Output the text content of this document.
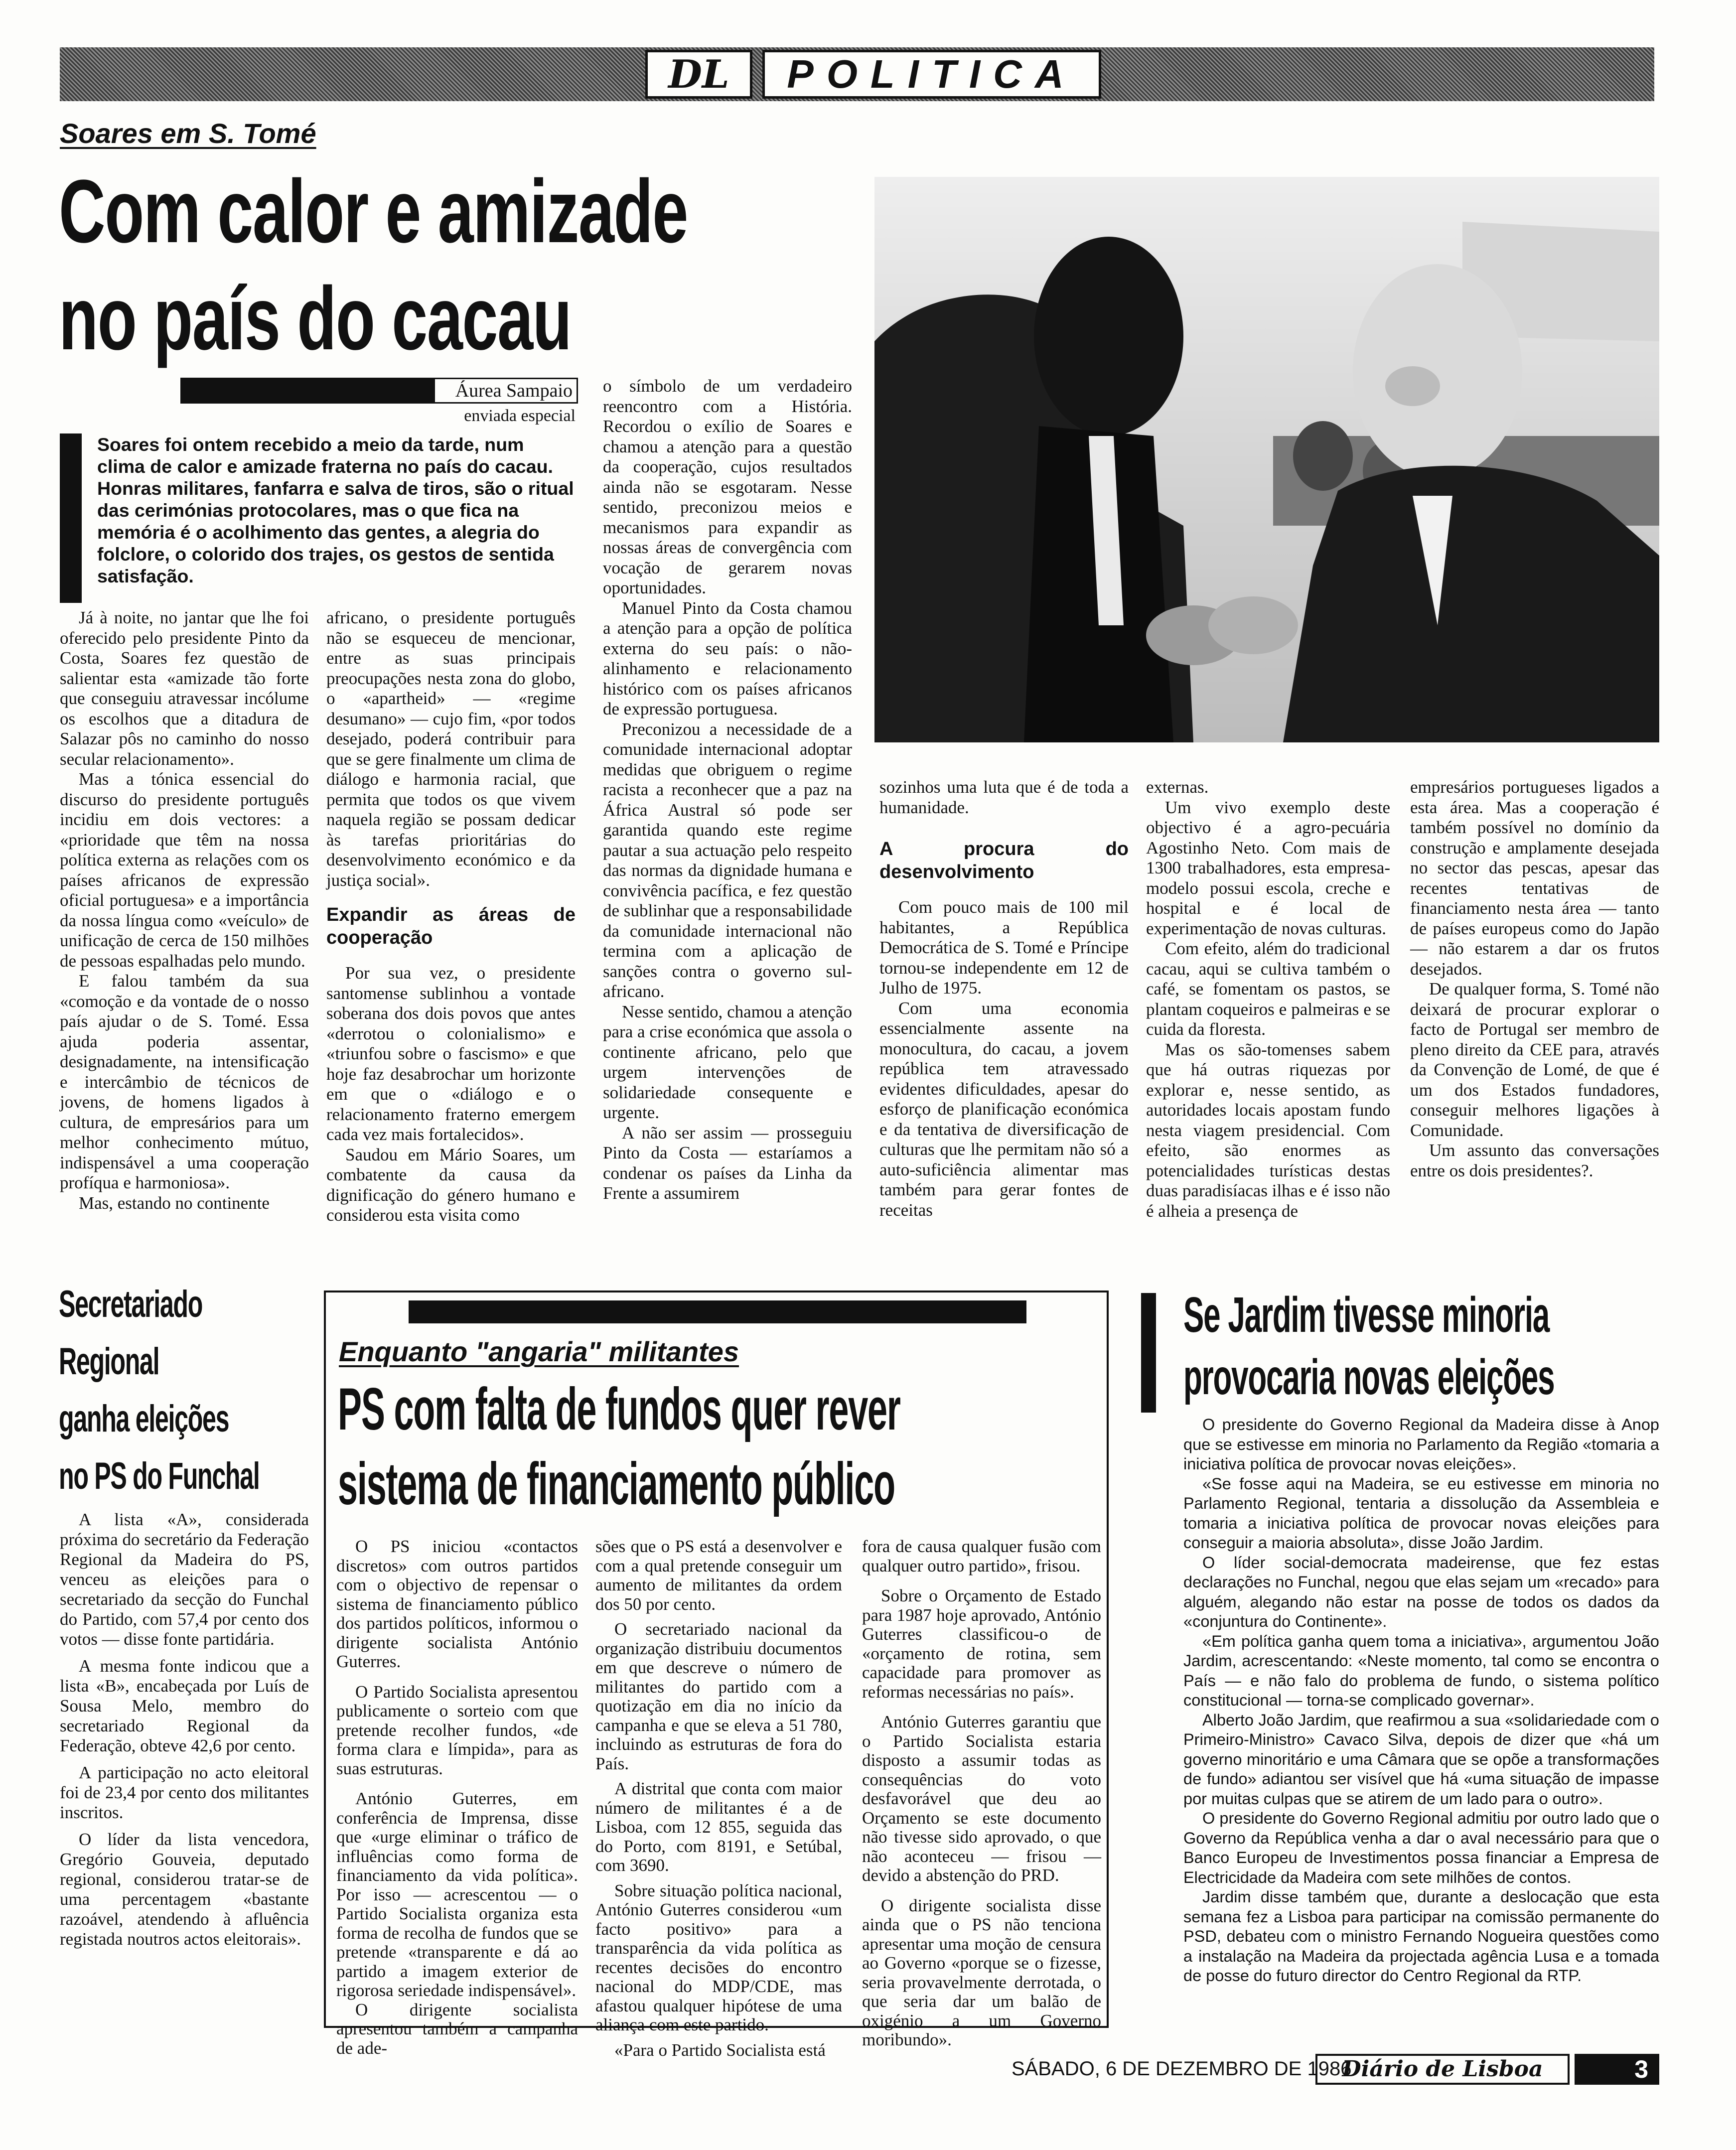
DL POLITICA
Soares em S. Tomé
Com calor e amizade
no país do cacau
Áurea Sampaio
enviada especial
Soares foi ontem recebido a meio da tarde, num clima de calor e amizade fraterna no país do cacau. Honras militares, fanfarra e salva de tiros, são o ritual das cerimónias protocolares, mas o que fica na memória é o acolhimento das gentes, a alegria do folclore, o colorido dos trajes, os gestos de sentida satisfação.

Já à noite, no jantar que lhe foi oferecido pelo presidente Pinto da Costa, Soares fez questão de salientar esta «amizade tão forte que conseguiu atravessar incólume os escolhos que a ditadura de Salazar pôs no caminho do nosso secular relacionamento».

Mas a tónica essencial do discurso do presidente português incidiu em dois vectores: a «prioridade que têm na nossa política externa as relações com os países africanos de expressão oficial portuguesa» e a importância da nossa língua como «veículo» de unificação de cerca de 150 milhões de pessoas espalhadas pelo mundo.

E falou também da sua «comoção e da vontade de o nosso país ajudar o de S. Tomé. Essa ajuda poderia assentar, designadamente, na intensificação e intercâmbio de técnicos de jovens, de homens ligados à cultura, de empresários para um melhor conhecimento mútuo, indispensável a uma cooperação profíqua e harmoniosa».

Mas, estando no continente

africano, o presidente português não se esqueceu de mencionar, entre as suas principais preocupações nesta zona do globo, o «apartheid» — «regime desumano» — cujo fim, «por todos desejado, poderá contribuir para que se gere finalmente um clima de diálogo e harmonia racial, que permita que todos os que vivem naquela região se possam dedicar às tarefas prioritárias do desenvolvimento económico e da justiça social».

Expandir as áreas de cooperação

Por sua vez, o presidente santomense sublinhou a vontade soberana dos dois povos que antes «derrotou o colonialismo» e «triunfou sobre o fascismo» e que hoje faz desabrochar um horizonte em que o «diálogo e o relacionamento fraterno emergem cada vez mais fortalecidos».

Saudou em Mário Soares, um combatente da causa da dignificação do género humano e considerou esta visita como

o símbolo de um verdadeiro reencontro com a História. Recordou o exílio de Soares e chamou a atenção para a questão da cooperação, cujos resultados ainda não se esgotaram. Nesse sentido, preconizou meios e mecanismos para expandir as nossas áreas de convergência com vocação de gerarem novas oportunidades.

Manuel Pinto da Costa chamou a atenção para a opção de política externa do seu país: o não-alinhamento e relacionamento histórico com os países africanos de expressão portuguesa.

Preconizou a necessidade de a comunidade internacional adoptar medidas que obriguem o regime racista a reconhecer que a paz na África Austral só pode ser garantida quando este regime pautar a sua actuação pelo respeito das normas da dignidade humana e convivência pacífica, e fez questão de sublinhar que a responsabilidade da comunidade internacional não termina com a aplicação de sanções contra o governo sul-africano.

Nesse sentido, chamou a atenção para a crise económica que assola o continente africano, pelo que urgem intervenções de solidariedade consequente e urgente.

A não ser assim — prosseguiu Pinto da Costa — estaríamos a condenar os países da Linha da Frente a assumirem

sozinhos uma luta que é de toda a humanidade.

A procura do desenvolvimento

Com pouco mais de 100 mil habitantes, a República Democrática de S. Tomé e Príncipe tornou-se independente em 12 de Julho de 1975.

Com uma economia essencialmente assente na monocultura, do cacau, a jovem república tem atravessado evidentes dificuldades, apesar do esforço de planificação económica e da tentativa de diversificação de culturas que lhe permitam não só a auto-suficiência alimentar mas também para gerar fontes de receitas

externas.

Um vivo exemplo deste objectivo é a agro-pecuária Agostinho Neto. Com mais de 1300 trabalhadores, esta empresa-modelo possui escola, creche e hospital e é local de experimentação de novas culturas.

Com efeito, além do tradicional cacau, aqui se cultiva também o café, se fomentam os pastos, se plantam coqueiros e palmeiras e se cuida da floresta.

Mas os são-tomenses sabem que há outras riquezas por explorar e, nesse sentido, as autoridades locais apostam fundo nesta viagem presidencial. Com efeito, são enormes as potencialidades turísticas destas duas paradisíacas ilhas e é isso não é alheia a presença de

empresários portugueses ligados a esta área. Mas a cooperação é também possível no domínio da construção e amplamente desejada no sector das pescas, apesar das recentes tentativas de financiamento nesta área — tanto de países europeus como do Japão — não estarem a dar os frutos desejados.

De qualquer forma, S. Tomé não deixará de procurar explorar o facto de Portugal ser membro de pleno direito da CEE para, através da Convenção de Lomé, de que é um dos Estados fundadores, conseguir melhores ligações à Comunidade.

Um assunto das conversações entre os dois presidentes?.

Secretariado
Regional
ganha eleições
no PS do Funchal

A lista «A», considerada próxima do secretário da Federação Regional da Madeira do PS, venceu as eleições para o secretariado da secção do Funchal do Partido, com 57,4 por cento dos votos — disse fonte partidária.

A mesma fonte indicou que a lista «B», encabeçada por Luís de Sousa Melo, membro do secretariado Regional da Federação, obteve 42,6 por cento.

A participação no acto eleitoral foi de 23,4 por cento dos militantes inscritos.

O líder da lista vencedora, Gregório Gouveia, deputado regional, considerou tratar-se de uma percentagem «bastante razoável, atendendo à afluência registada noutros actos eleitorais».

Enquanto "angaria" militantes
PS com falta de fundos quer rever
sistema de financiamento público

O PS iniciou «contactos discretos» com outros partidos com o objectivo de repensar o sistema de financiamento público dos partidos políticos, informou o dirigente socialista António Guterres.

O Partido Socialista apresentou publicamente o sorteio com que pretende recolher fundos, «de forma clara e límpida», para as suas estruturas.

António Guterres, em conferência de Imprensa, disse que «urge eliminar o tráfico de influências como forma de financiamento da vida política». Por isso — acrescentou — o Partido Socialista organiza esta forma de recolha de fundos que se pretende «transparente e dá ao partido a imagem exterior de rigorosa seriedade indispensável».

O dirigente socialista apresentou também a campanha de ade-

sões que o PS está a desenvolver e com a qual pretende conseguir um aumento de militantes da ordem dos 50 por cento.

O secretariado nacional da organização distribuiu documentos em que descreve o número de militantes do partido com a quotização em dia no início da campanha e que se eleva a 51 780, incluindo as estruturas de fora do País.

A distrital que conta com maior número de militantes é a de Lisboa, com 12 855, seguida das do Porto, com 8191, e Setúbal, com 3690.

Sobre situação política nacional, António Guterres considerou «um facto positivo» para a transparência da vida política as recentes decisões do encontro nacional do MDP/CDE, mas afastou qualquer hipótese de uma aliança com este partido.

«Para o Partido Socialista está

fora de causa qualquer fusão com qualquer outro partido», frisou.

Sobre o Orçamento de Estado para 1987 hoje aprovado, António Guterres classificou-o de «orçamento de rotina, sem capacidade para promover as reformas necessárias no país».

António Guterres garantiu que o Partido Socialista estaria disposto a assumir todas as consequências do voto desfavorável que deu ao Orçamento se este documento não tivesse sido aprovado, o que não aconteceu — frisou — devido a abstenção do PRD.

O dirigente socialista disse ainda que o PS não tenciona apresentar uma moção de censura ao Governo «porque se o fizesse, seria provavelmente derrotada, o que seria dar um balão de oxigénio a um Governo moribundo».

Se Jardim tivesse minoria
provocaria novas eleições

O presidente do Governo Regional da Madeira disse à Anop que se estivesse em minoria no Parlamento da Região «tomaria a iniciativa política de provocar novas eleições».

«Se fosse aqui na Madeira, se eu estivesse em minoria no Parlamento Regional, tentaria a dissolução da Assembleia e tomaria a iniciativa política de provocar novas eleições para conseguir a maioria absoluta», disse João Jardim.

O líder social-democrata madeirense, que fez estas declarações no Funchal, negou que elas sejam um «recado» para alguém, alegando não estar na posse de todos os dados da «conjuntura do Continente».

«Em política ganha quem toma a iniciativa», argumentou João Jardim, acrescentando: «Neste momento, tal como se encontra o País — e não falo do problema de fundo, o sistema político constitucional — torna-se complicado governar».

Alberto João Jardim, que reafirmou a sua «solidariedade com o Primeiro-Ministro» Cavaco Silva, depois de dizer que «há um governo minoritário e uma Câmara que se opõe a transformações de fundo» adiantou ser visível que há «uma situação de impasse por muitas culpas que se atirem de um lado para o outro».

O presidente do Governo Regional admitiu por outro lado que o Governo da República venha a dar o aval necessário para que o Banco Europeu de Investimentos possa financiar a Empresa de Electricidade da Madeira com sete milhões de contos.

Jardim disse também que, durante a deslocação que esta semana fez a Lisboa para participar na comissão permanente do PSD, debateu com o ministro Fernando Nogueira questões como a instalação na Madeira da projectada agência Lusa e a tomada de posse do futuro director do Centro Regional da RTP.

SÁBADO, 6 DE DEZEMBRO DE 1986
Diário de Lisboa	3
